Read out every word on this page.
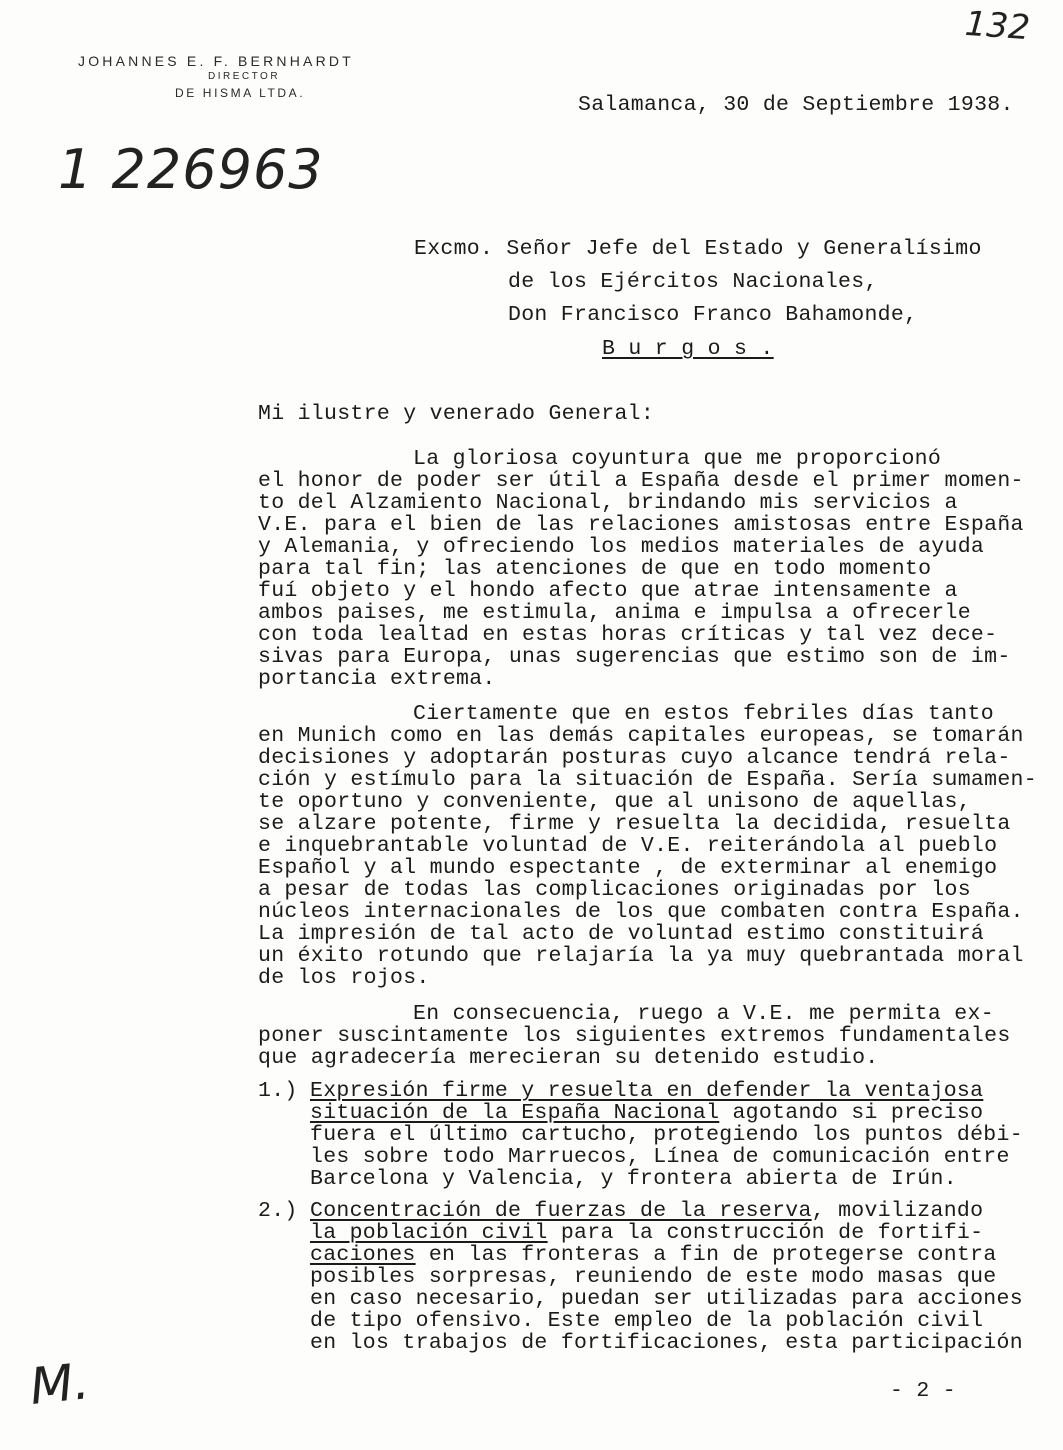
132
JOHANNES E. F. BERNHARDT
DIRECTOR
DE HISMA LTDA.	Salamanca, 30 de Septiembre 1938.
1 226963
Excmo. Señor Jefe del Estado y Generalísimo
de los Ejércitos Nacionales,
Don Francisco Franco Bahamonde,
B u r g o s .
Mi ilustre y venerado General:
La gloriosa coyuntura que me proporcionó
el honor de poder ser útil a España desde el primer momen-
to del Alzamiento Nacional, brindando mis servicios a
V.E. para el bien de las relaciones amistosas entre España
y Alemania, y ofreciendo los medios materiales de ayuda
para tal fin; las atenciones de que en todo momento
fuí objeto y el hondo afecto que atrae intensamente a
ambos paises, me estimula, anima e impulsa a ofrecerle
con toda lealtad en estas horas críticas y tal vez dece-
sivas para Europa, unas sugerencias que estimo son de im-
portancia extrema.
Ciertamente que en estos febriles días tanto
en Munich como en las demás capitales europeas, se tomarán
decisiones y adoptarán posturas cuyo alcance tendrá rela-
ción y estímulo para la situación de España. Sería sumamen-
te oportuno y conveniente, que al unisono de aquellas,
se alzare potente, firme y resuelta la decidida, resuelta
e inquebrantable voluntad de V.E. reiterándola al pueblo
Español y al mundo espectante , de exterminar al enemigo
a pesar de todas las complicaciones originadas por los
núcleos internacionales de los que combaten contra España.
La impresión de tal acto de voluntad estimo constituirá
un éxito rotundo que relajaría la ya muy quebrantada moral
de los rojos.
En consecuencia, ruego a V.E. me permita ex-
poner suscintamente los siguientes extremos fundamentales
que agradecería merecieran su detenido estudio.
1.) Expresión firme y resuelta en defender la ventajosa
situación de la España Nacional agotando si preciso
fuera el último cartucho, protegiendo los puntos débi-
les sobre todo Marruecos, Línea de comunicación entre
Barcelona y Valencia, y frontera abierta de Irún.
2.) Concentración de fuerzas de la reserva, movilizando
la población civil para la construcción de fortifi-
caciones en las fronteras a fin de protegerse contra
posibles sorpresas, reuniendo de este modo masas que
en caso necesario, puedan ser utilizadas para acciones
de tipo ofensivo. Este empleo de la población civil
en los trabajos de fortificaciones, esta participación
M.	- 2 -
